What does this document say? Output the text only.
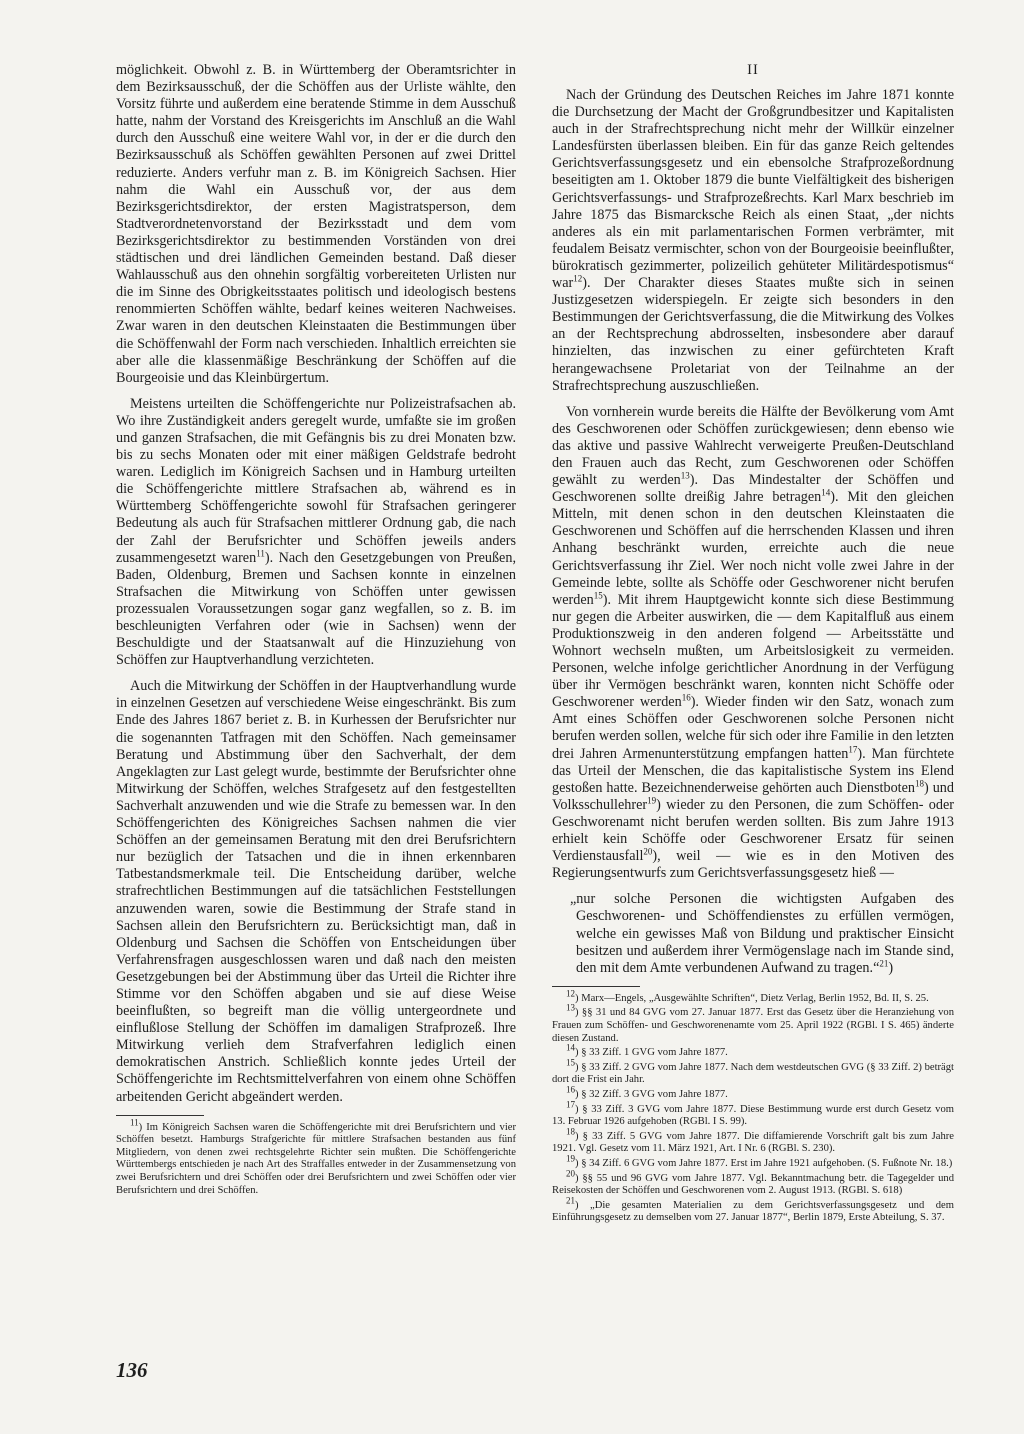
möglichkeit. Obwohl z. B. in Württemberg der Oberamtsrichter in dem Bezirksausschuß, der die Schöffen aus der Urliste wählte, den Vorsitz führte und außerdem eine beratende Stimme in dem Ausschuß hatte, nahm der Vorstand des Kreisgerichts im Anschluß an die Wahl durch den Ausschuß eine weitere Wahl vor, in der er die durch den Bezirksausschuß als Schöffen gewählten Personen auf zwei Drittel reduzierte. Anders verfuhr man z. B. im Königreich Sachsen. Hier nahm die Wahl ein Ausschuß vor, der aus dem Bezirksgerichtsdirektor, der ersten Magistratsperson, dem Stadtverordnetenvorstand der Bezirksstadt und dem vom Bezirksgerichtsdirektor zu bestimmenden Vorständen von drei städtischen und drei ländlichen Gemeinden bestand. Daß dieser Wahlausschuß aus den ohnehin sorgfältig vorbereiteten Urlisten nur die im Sinne des Obrigkeitsstaates politisch und ideologisch bestens renommierten Schöffen wählte, bedarf keines weiteren Nachweises. Zwar waren in den deutschen Kleinstaaten die Bestimmungen über die Schöffenwahl der Form nach verschieden. Inhaltlich erreichten sie aber alle die klassenmäßige Beschränkung der Schöffen auf die Bourgeoisie und das Kleinbürgertum.

Meistens urteilten die Schöffengerichte nur Polizeistrafsachen ab. Wo ihre Zuständigkeit anders geregelt wurde, umfaßte sie im großen und ganzen Strafsachen, die mit Gefängnis bis zu drei Monaten bzw. bis zu sechs Monaten oder mit einer mäßigen Geldstrafe bedroht waren. Lediglich im Königreich Sachsen und in Hamburg urteilten die Schöffengerichte mittlere Strafsachen ab, während es in Württemberg Schöffengerichte sowohl für Strafsachen geringerer Bedeutung als auch für Strafsachen mittlerer Ordnung gab, die nach der Zahl der Berufsrichter und Schöffen jeweils anders zusammengesetzt waren$^{11}$). Nach den Gesetzgebungen von Preußen, Baden, Oldenburg, Bremen und Sachsen konnte in einzelnen Strafsachen die Mitwirkung von Schöffen unter gewissen prozessualen Voraussetzungen sogar ganz wegfallen, so z. B. im beschleunigten Verfahren oder (wie in Sachsen) wenn der Beschuldigte und der Staatsanwalt auf die Hinzuziehung von Schöffen zur Hauptverhandlung verzichteten.

Auch die Mitwirkung der Schöffen in der Hauptverhandlung wurde in einzelnen Gesetzen auf verschiedene Weise eingeschränkt. Bis zum Ende des Jahres 1867 beriet z. B. in Kurhessen der Berufsrichter nur die sogenannten Tatfragen mit den Schöffen. Nach gemeinsamer Beratung und Abstimmung über den Sachverhalt, der dem Angeklagten zur Last gelegt wurde, bestimmte der Berufsrichter ohne Mitwirkung der Schöffen, welches Strafgesetz auf den festgestellten Sachverhalt anzuwenden und wie die Strafe zu bemessen war. In den Schöffengerichten des Königreiches Sachsen nahmen die vier Schöffen an der gemeinsamen Beratung mit den drei Berufsrichtern nur bezüglich der Tatsachen und die in ihnen erkennbaren Tatbestandsmerkmale teil. Die Entscheidung darüber, welche strafrechtlichen Bestimmungen auf die tatsächlichen Feststellungen anzuwenden waren, sowie die Bestimmung der Strafe stand in Sachsen allein den Berufsrichtern zu. Berücksichtigt man, daß in Oldenburg und Sachsen die Schöffen von Entscheidungen über Verfahrensfragen ausgeschlossen waren und daß nach den meisten Gesetzgebungen bei der Abstimmung über das Urteil die Richter ihre Stimme vor den Schöffen abgaben und sie auf diese Weise beeinflußten, so begreift man die völlig untergeordnete und einflußlose Stellung der Schöffen im damaligen Strafprozeß. Ihre Mitwirkung verlieh dem Strafverfahren lediglich einen demokratischen Anstrich. Schließlich konnte jedes Urteil der Schöffengerichte im Rechtsmittelverfahren von einem ohne Schöffen arbeitenden Gericht abgeändert werden.

$^{11}$) Im Königreich Sachsen waren die Schöffengerichte mit drei Berufsrichtern und vier Schöffen besetzt. Hamburgs Strafgerichte für mittlere Strafsachen bestanden aus fünf Mitgliedern, von denen zwei rechtsgelehrte Richter sein mußten. Die Schöffengerichte Württembergs entschieden je nach Art des Straffalles entweder in der Zusammensetzung von zwei Berufsrichtern und drei Schöffen oder drei Berufsrichtern und zwei Schöffen oder vier Berufsrichtern und drei Schöffen.

II

Nach der Gründung des Deutschen Reiches im Jahre 1871 konnte die Durchsetzung der Macht der Großgrundbesitzer und Kapitalisten auch in der Strafrechtsprechung nicht mehr der Willkür einzelner Landesfürsten überlassen bleiben. Ein für das ganze Reich geltendes Gerichtsverfassungsgesetz und ein ebensolche Strafprozeßordnung beseitigten am 1. Oktober 1879 die bunte Vielfältigkeit des bisherigen Gerichtsverfassungs- und Strafprozeßrechts. Karl Marx beschrieb im Jahre 1875 das Bismarcksche Reich als einen Staat, „der nichts anderes als ein mit parlamentarischen Formen verbrämter, mit feudalem Beisatz vermischter, schon von der Bourgeoisie beeinflußter, bürokratisch gezimmerter, polizeilich gehüteter Militärdespotismus“ war$^{12}$). Der Charakter dieses Staates mußte sich in seinen Justizgesetzen widerspiegeln. Er zeigte sich besonders in den Bestimmungen der Gerichtsverfassung, die die Mitwirkung des Volkes an der Rechtsprechung abdrosselten, insbesondere aber darauf hinzielten, das inzwischen zu einer gefürchteten Kraft herangewachsene Proletariat von der Teilnahme an der Strafrechtsprechung auszuschließen.

Von vornherein wurde bereits die Hälfte der Bevölkerung vom Amt des Geschworenen oder Schöffen zurückgewiesen; denn ebenso wie das aktive und passive Wahlrecht verweigerte Preußen-Deutschland den Frauen auch das Recht, zum Geschworenen oder Schöffen gewählt zu werden$^{13}$). Das Mindestalter der Schöffen und Geschworenen sollte dreißig Jahre betragen$^{14}$). Mit den gleichen Mitteln, mit denen schon in den deutschen Kleinstaaten die Geschworenen und Schöffen auf die herrschenden Klassen und ihren Anhang beschränkt wurden, erreichte auch die neue Gerichtsverfassung ihr Ziel. Wer noch nicht volle zwei Jahre in der Gemeinde lebte, sollte als Schöffe oder Geschworener nicht berufen werden$^{15}$). Mit ihrem Hauptgewicht konnte sich diese Bestimmung nur gegen die Arbeiter auswirken, die — dem Kapitalfluß aus einem Produktionszweig in den anderen folgend — Arbeitsstätte und Wohnort wechseln mußten, um Arbeitslosigkeit zu vermeiden. Personen, welche infolge gerichtlicher Anordnung in der Verfügung über ihr Vermögen beschränkt waren, konnten nicht Schöffe oder Geschworener werden$^{16}$). Wieder finden wir den Satz, wonach zum Amt eines Schöffen oder Geschworenen solche Personen nicht berufen werden sollen, welche für sich oder ihre Familie in den letzten drei Jahren Armenunterstützung empfangen hatten$^{17}$). Man fürchtete das Urteil der Menschen, die das kapitalistische System ins Elend gestoßen hatte. Bezeichnenderweise gehörten auch Dienstboten$^{18}$) und Volksschullehrer$^{19}$) wieder zu den Personen, die zum Schöffen- oder Geschworenamt nicht berufen werden sollten. Bis zum Jahre 1913 erhielt kein Schöffe oder Geschworener Ersatz für seinen Verdienstausfall$^{20}$), weil — wie es in den Motiven des Regierungsentwurfs zum Gerichtsverfassungsgesetz hieß —

„nur solche Personen die wichtigsten Aufgaben des Geschworenen- und Schöffendienstes zu erfüllen vermögen, welche ein gewisses Maß von Bildung und praktischer Einsicht besitzen und außerdem ihrer Vermögenslage nach im Stande sind, den mit dem Amte verbundenen Aufwand zu tragen.“$^{21}$)

$^{12}$) Marx—Engels, „Ausgewählte Schriften“, Dietz Verlag, Berlin 1952, Bd. II, S. 25.

$^{13}$) §§ 31 und 84 GVG vom 27. Januar 1877. Erst das Gesetz über die Heranziehung von Frauen zum Schöffen- und Geschworenenamte vom 25. April 1922 (RGBl. I S. 465) änderte diesen Zustand.

$^{14}$) § 33 Ziff. 1 GVG vom Jahre 1877.

$^{15}$) § 33 Ziff. 2 GVG vom Jahre 1877. Nach dem westdeutschen GVG (§ 33 Ziff. 2) beträgt dort die Frist ein Jahr.

$^{16}$) § 32 Ziff. 3 GVG vom Jahre 1877.

$^{17}$) § 33 Ziff. 3 GVG vom Jahre 1877. Diese Bestimmung wurde erst durch Gesetz vom 13. Februar 1926 aufgehoben (RGBl. I S. 99).

$^{18}$) § 33 Ziff. 5 GVG vom Jahre 1877. Die diffamierende Vorschrift galt bis zum Jahre 1921. Vgl. Gesetz vom 11. März 1921, Art. I Nr. 6 (RGBl. S. 230).

$^{19}$) § 34 Ziff. 6 GVG vom Jahre 1877. Erst im Jahre 1921 aufgehoben. (S. Fußnote Nr. 18.)

$^{20}$) §§ 55 und 96 GVG vom Jahre 1877. Vgl. Bekanntmachung betr. die Tagegelder und Reisekosten der Schöffen und Geschworenen vom 2. August 1913. (RGBl. S. 618)

$^{21}$) „Die gesamten Materialien zu dem Gerichtsverfassungsgesetz und dem Einführungsgesetz zu demselben vom 27. Januar 1877“, Berlin 1879, Erste Abteilung, S. 37.

136
